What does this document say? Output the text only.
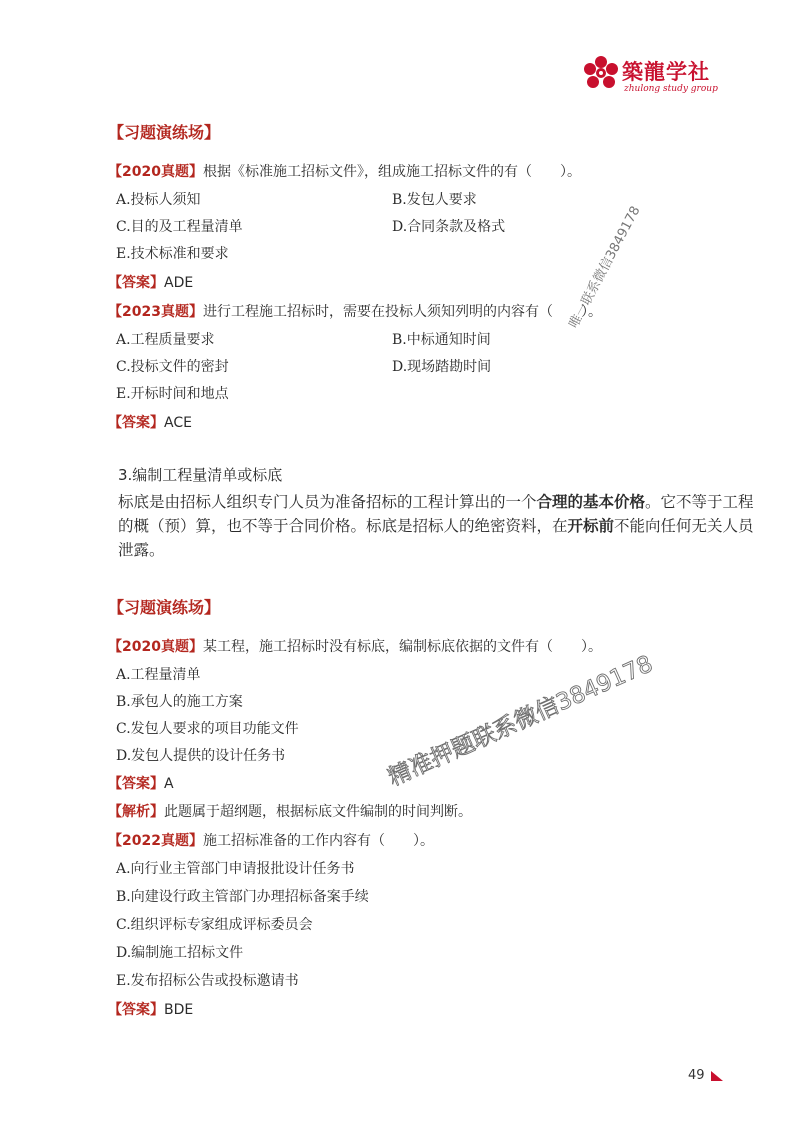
築龍学社
zhulong study group
【习题演练场】
【2020真题】根据《标准施工招标文件》，组成施工招标文件的有（　　）。
A.投标人须知	B.发包人要求
C.目的及工程量清单	D.合同条款及格式
E.技术标准和要求
【答案】ADE
【2023真题】进行工程施工招标时，需要在投标人须知列明的内容有（　　）。
A.工程质量要求	B.中标通知时间
C.投标文件的密封	D.现场踏勘时间
E.开标时间和地点
【答案】ACE
3.编制工程量清单或标底
标底是由招标人组织专门人员为准备招标的工程计算出的一个合理的基本价格。它不等于工程的概（预）算，也不等于合同价格。标底是招标人的绝密资料，在开标前不能向任何无关人员泄露。
【习题演练场】
【2020真题】某工程，施工招标时没有标底，编制标底依据的文件有（　　）。
A.工程量清单
B.承包人的施工方案
C.发包人要求的项目功能文件
D.发包人提供的设计任务书
【答案】A
【解析】此题属于超纲题，根据标底文件编制的时间判断。
【2022真题】施工招标准备的工作内容有（　　）。
A.向行业主管部门申请报批设计任务书
B.向建设行政主管部门办理招标备案手续
C.组织评标专家组成评标委员会
D.编制施工招标文件
E.发布招标公告或投标邀请书
【答案】BDE
唯一联系微信3849178
精准押题联系微信3849178
49
